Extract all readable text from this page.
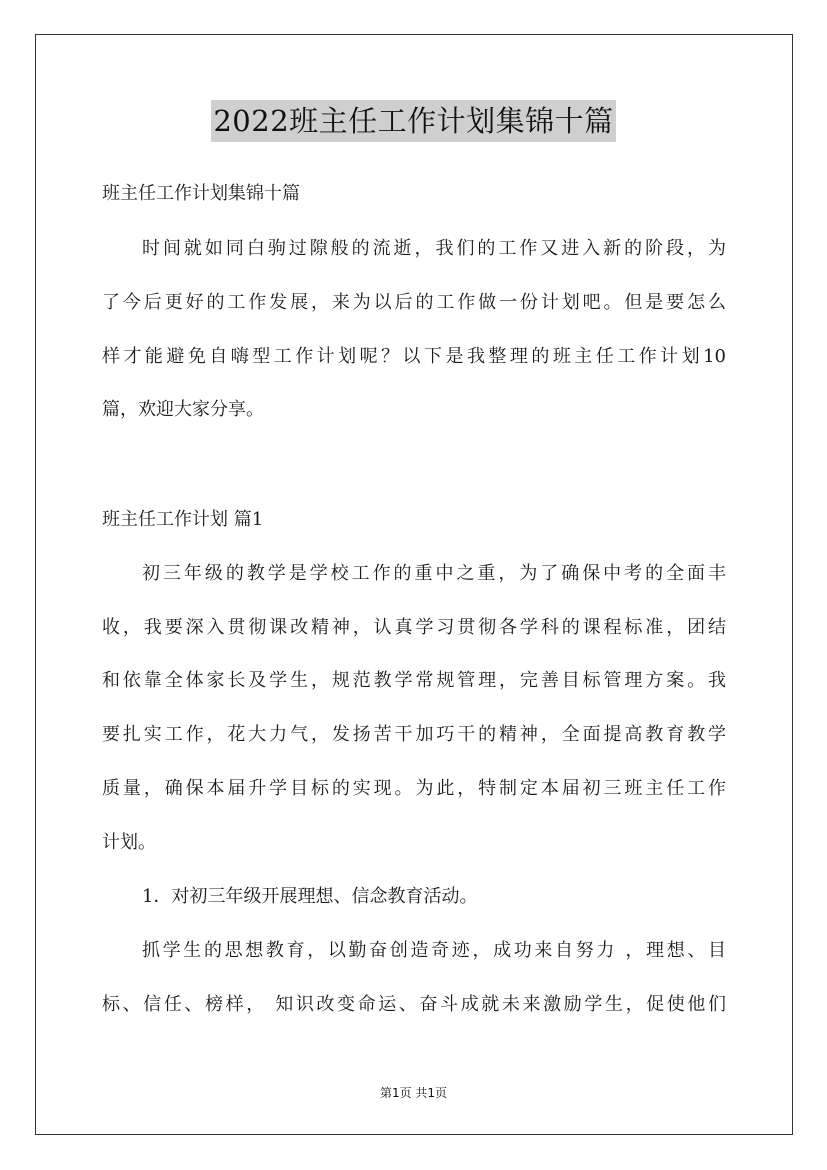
2022班主任工作计划集锦十篇
班主任工作计划集锦十篇
时间就如同白驹过隙般的流逝，我们的工作又进入新的阶段，为
了今后更好的工作发展，来为以后的工作做一份计划吧。但是要怎么
样才能避免自嗨型工作计划呢？以下是我整理的班主任工作计划10
篇，欢迎大家分享。
班主任工作计划 篇1
初三年级的教学是学校工作的重中之重，为了确保中考的全面丰
收，我要深入贯彻课改精神，认真学习贯彻各学科的课程标准，团结
和依靠全体家长及学生，规范教学常规管理，完善目标管理方案。我
要扎实工作，花大力气，发扬苦干加巧干的精神，全面提高教育教学
质量，确保本届升学目标的实现。为此，特制定本届初三班主任工作
计划。
1．对初三年级开展理想、信念教育活动。
抓学生的思想教育，以勤奋创造奇迹，成功来自努力 ，理想、目
标、信任、榜样， 知识改变命运、奋斗成就未来激励学生，促使他们
第1页 共1页
